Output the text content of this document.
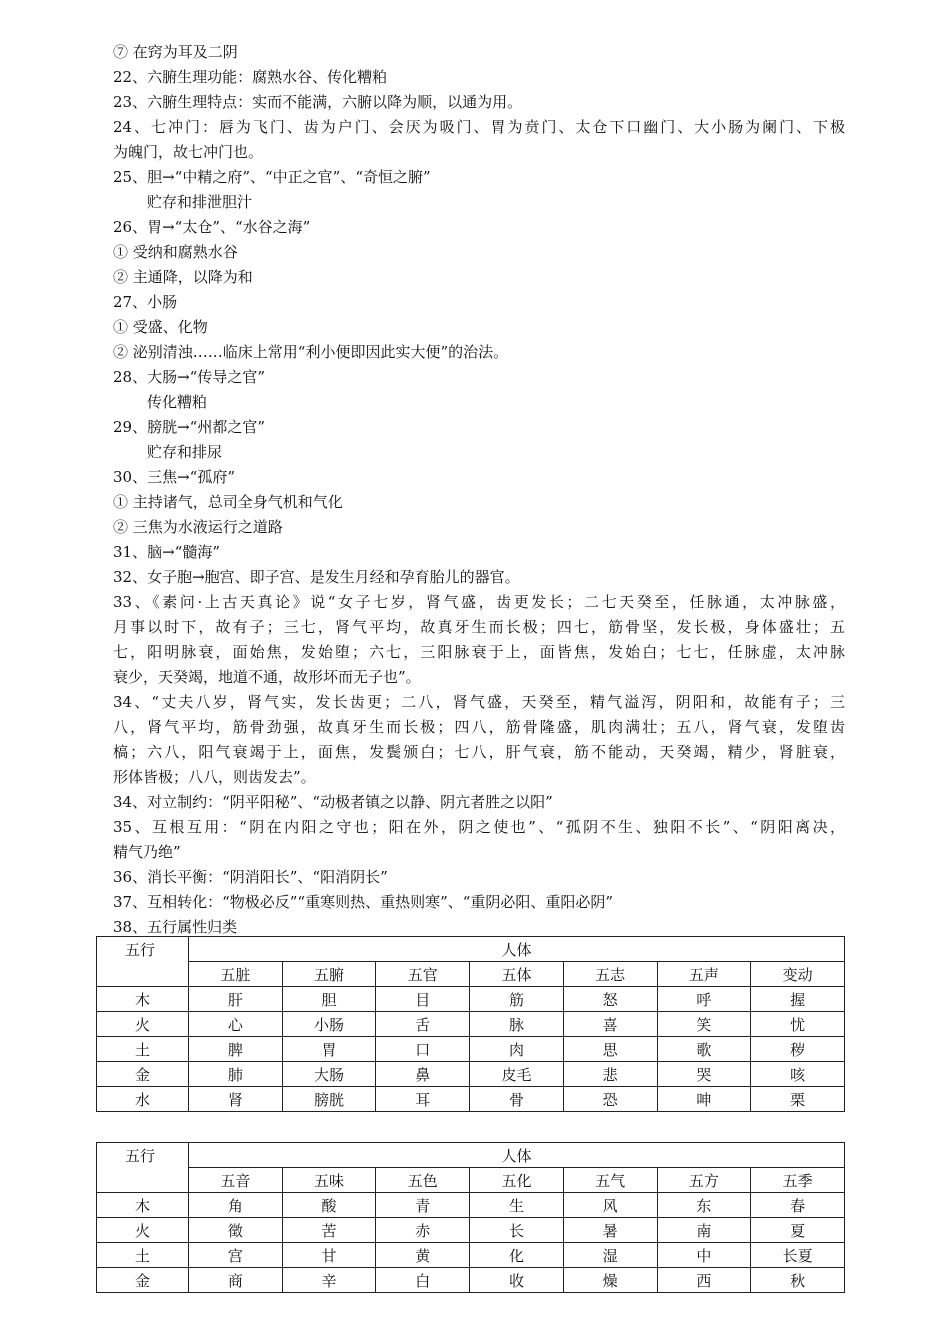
⑦ 在窍为耳及二阴
22、六腑生理功能：腐熟水谷、传化糟粕
23、六腑生理特点：实而不能满，六腑以降为顺，以通为用。
24、七冲门：唇为飞门、齿为户门、会厌为吸门、胃为贲门、太仓下口幽门、大小肠为阑门、下极
为魄门，故七冲门也。
25、胆→“中精之府”、“中正之官”、“奇恒之腑”
贮存和排泄胆汁
26、胃→“太仓”、“水谷之海”
① 受纳和腐熟水谷
② 主通降，以降为和
27、小肠
① 受盛、化物
② 泌别清浊……临床上常用“利小便即因此实大便”的治法。
28、大肠→“传导之官”
传化糟粕
29、膀胱→“州都之官”
贮存和排尿
30、三焦→“孤府”
① 主持诸气，总司全身气机和气化
② 三焦为水液运行之道路
31、脑→“髓海”
32、女子胞→胞宫、即子宫、是发生月经和孕育胎儿的器官。
33、《素问·上古天真论》说“女子七岁，肾气盛，齿更发长；二七天癸至，任脉通，太冲脉盛，
月事以时下，故有子；三七，肾气平均，故真牙生而长极；四七，筋骨坚，发长极，身体盛壮；五
七，阳明脉衰，面始焦，发始堕；六七，三阳脉衰于上，面皆焦，发始白；七七，任脉虚，太冲脉
衰少，天癸竭，地道不通，故形坏而无子也”。
34、“丈夫八岁，肾气实，发长齿更；二八，肾气盛，天癸至，精气溢泻，阴阳和，故能有子；三
八，肾气平均，筋骨劲强，故真牙生而长极；四八，筋骨隆盛，肌肉满壮；五八，肾气衰，发堕齿
槁；六八，阳气衰竭于上，面焦，发鬓颁白；七八，肝气衰，筋不能动，天癸竭，精少，肾脏衰，
形体皆极；八八，则齿发去”。
34、对立制约：“阴平阳秘”、“动极者镇之以静、阴亢者胜之以阳”
35、互根互用：“阴在内阳之守也；阳在外，阴之使也”、“孤阴不生、独阳不长”、“阴阳离决，
精气乃绝”
36、消长平衡：“阴消阳长”、“阳消阴长”
37、互相转化：“物极必反”“重寒则热、重热则寒”、“重阴必阳、重阳必阴”
38、五行属性归类
五行	人体						
	五脏	五腑	五官	五体	五志	五声	变动
木	肝	胆	目	筋	怒	呼	握
火	心	小肠	舌	脉	喜	笑	忧
土	脾	胃	口	肉	思	歌	秽
金	肺	大肠	鼻	皮毛	悲	哭	咳
水	肾	膀胱	耳	骨	恐	呻	栗
五行	人体						
	五音	五味	五色	五化	五气	五方	五季
木	角	酸	青	生	风	东	春
火	徵	苦	赤	长	暑	南	夏
土	宫	甘	黄	化	湿	中	长夏
金	商	辛	白	收	燥	西	秋
